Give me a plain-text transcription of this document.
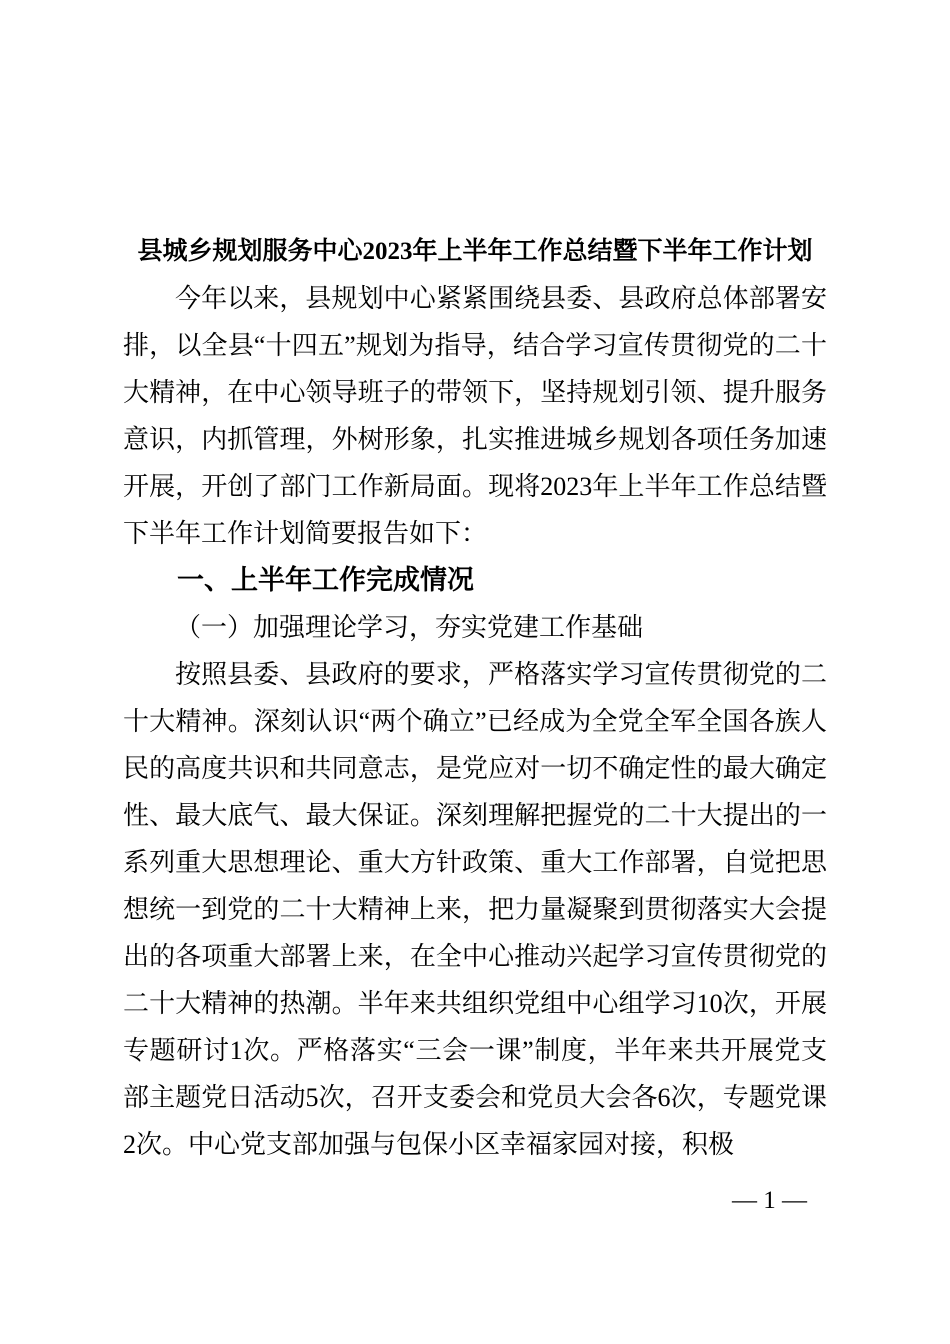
县城乡规划服务中心2023年上半年工作总结暨下半年工作计划

今年以来，县规划中心紧紧围绕县委、县政府总体部署安排，以全县“十四五”规划为指导，结合学习宣传贯彻党的二十大精神，在中心领导班子的带领下，坚持规划引领、提升服务意识，内抓管理，外树形象，扎实推进城乡规划各项任务加速开展，开创了部门工作新局面。现将2023年上半年工作总结暨下半年工作计划简要报告如下：

一、上半年工作完成情况
（一）加强理论学习，夯实党建工作基础

按照县委、县政府的要求，严格落实学习宣传贯彻党的二十大精神。深刻认识“两个确立”已经成为全党全军全国各族人民的高度共识和共同意志，是党应对一切不确定性的最大确定性、最大底气、最大保证。深刻理解把握党的二十大提出的一系列重大思想理论、重大方针政策、重大工作部署，自觉把思想统一到党的二十大精神上来，把力量凝聚到贯彻落实大会提出的各项重大部署上来，在全中心推动兴起学习宣传贯彻党的二十大精神的热潮。半年来共组织党组中心组学习10次，开展专题研讨1次。严格落实“三会一课”制度，半年来共开展党支部主题党日活动5次，召开支委会和党员大会各6次，专题党课2次。中心党支部加强与包保小区幸福家园对接，积极

— 1 —
